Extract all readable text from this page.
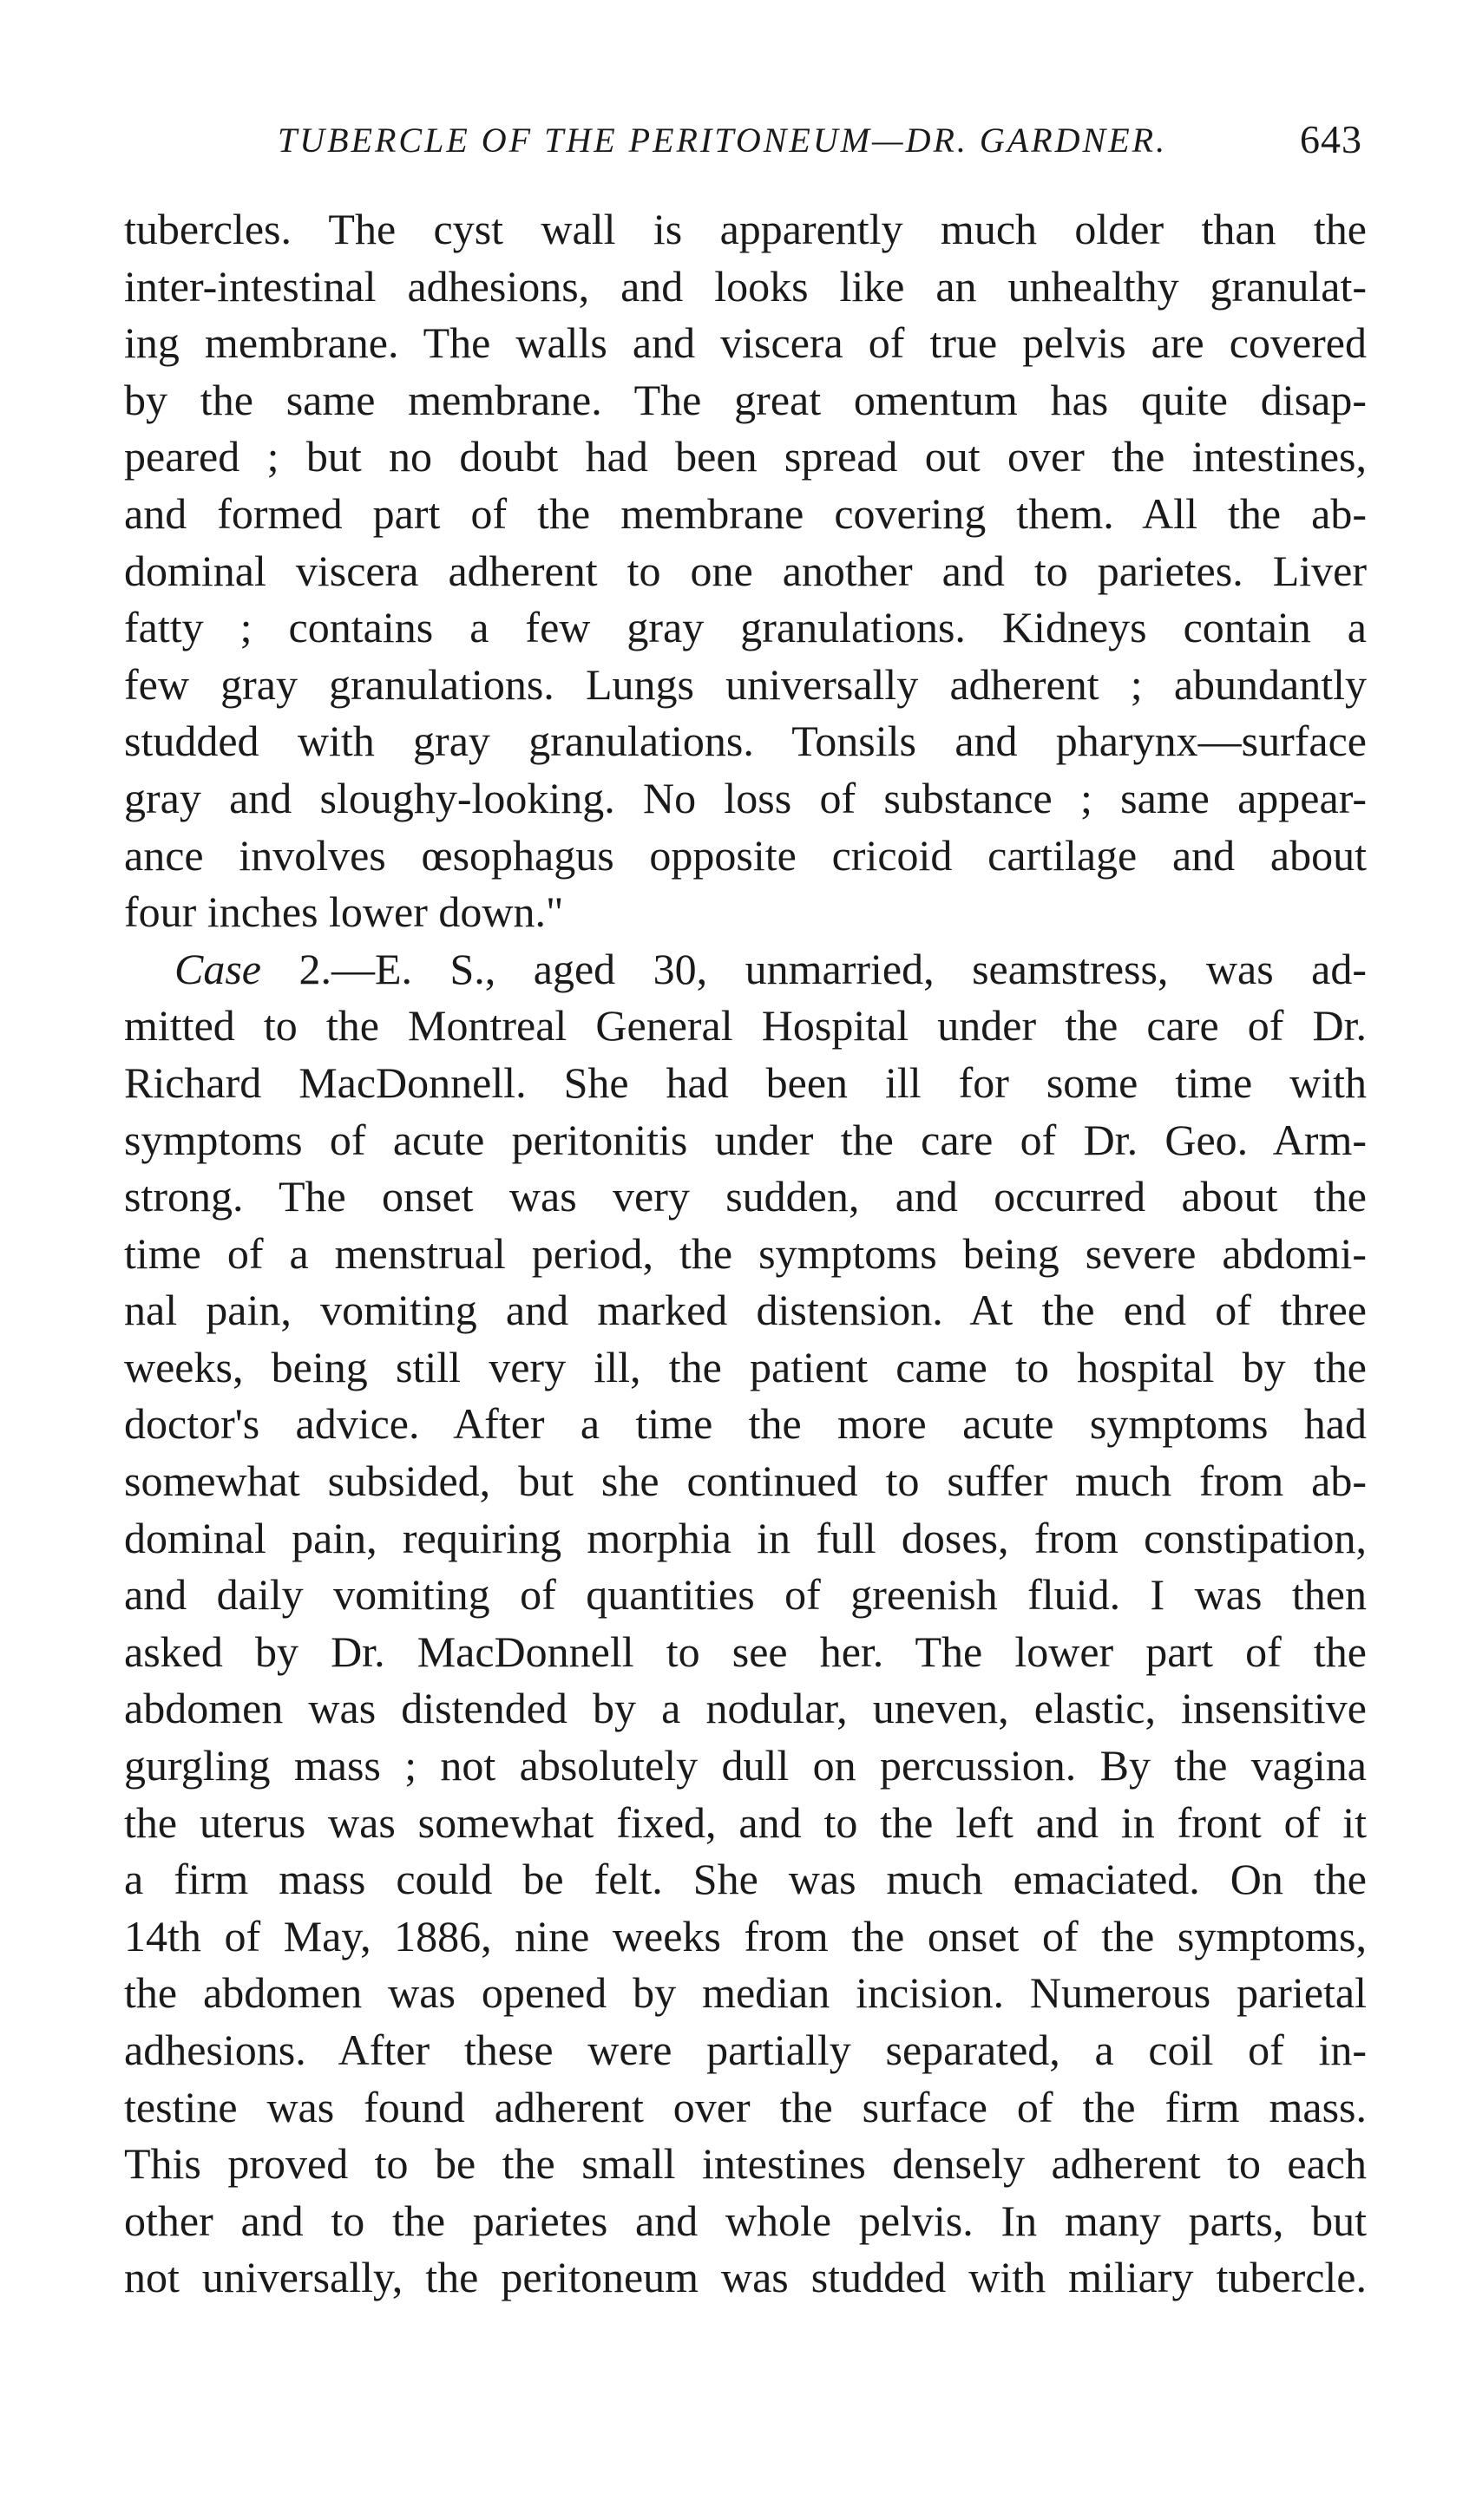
TUBERCLE OF THE PERITONEUM—DR. GARDNER.	643
tubercles. The cyst wall is apparently much older than the
inter-intestinal adhesions, and looks like an unhealthy granulat-
ing membrane. The walls and viscera of true pelvis are covered
by the same membrane. The great omentum has quite disap-
peared ; but no doubt had been spread out over the intestines,
and formed part of the membrane covering them. All the ab-
dominal viscera adherent to one another and to parietes. Liver
fatty ; contains a few gray granulations. Kidneys contain a
few gray granulations. Lungs universally adherent ; abundantly
studded with gray granulations. Tonsils and pharynx—surface
gray and sloughy-looking. No loss of substance ; same appear-
ance involves œsophagus opposite cricoid cartilage and about
four inches lower down."
Case 2.—E. S., aged 30, unmarried, seamstress, was ad-
mitted to the Montreal General Hospital under the care of Dr.
Richard MacDonnell. She had been ill for some time with
symptoms of acute peritonitis under the care of Dr. Geo. Arm-
strong. The onset was very sudden, and occurred about the
time of a menstrual period, the symptoms being severe abdomi-
nal pain, vomiting and marked distension. At the end of three
weeks, being still very ill, the patient came to hospital by the
doctor's advice. After a time the more acute symptoms had
somewhat subsided, but she continued to suffer much from ab-
dominal pain, requiring morphia in full doses, from constipation,
and daily vomiting of quantities of greenish fluid. I was then
asked by Dr. MacDonnell to see her. The lower part of the
abdomen was distended by a nodular, uneven, elastic, insensitive
gurgling mass ; not absolutely dull on percussion. By the vagina
the uterus was somewhat fixed, and to the left and in front of it
a firm mass could be felt. She was much emaciated. On the
14th of May, 1886, nine weeks from the onset of the symptoms,
the abdomen was opened by median incision. Numerous parietal
adhesions. After these were partially separated, a coil of in-
testine was found adherent over the surface of the firm mass.
This proved to be the small intestines densely adherent to each
other and to the parietes and whole pelvis. In many parts, but
not universally, the peritoneum was studded with miliary tubercle.
